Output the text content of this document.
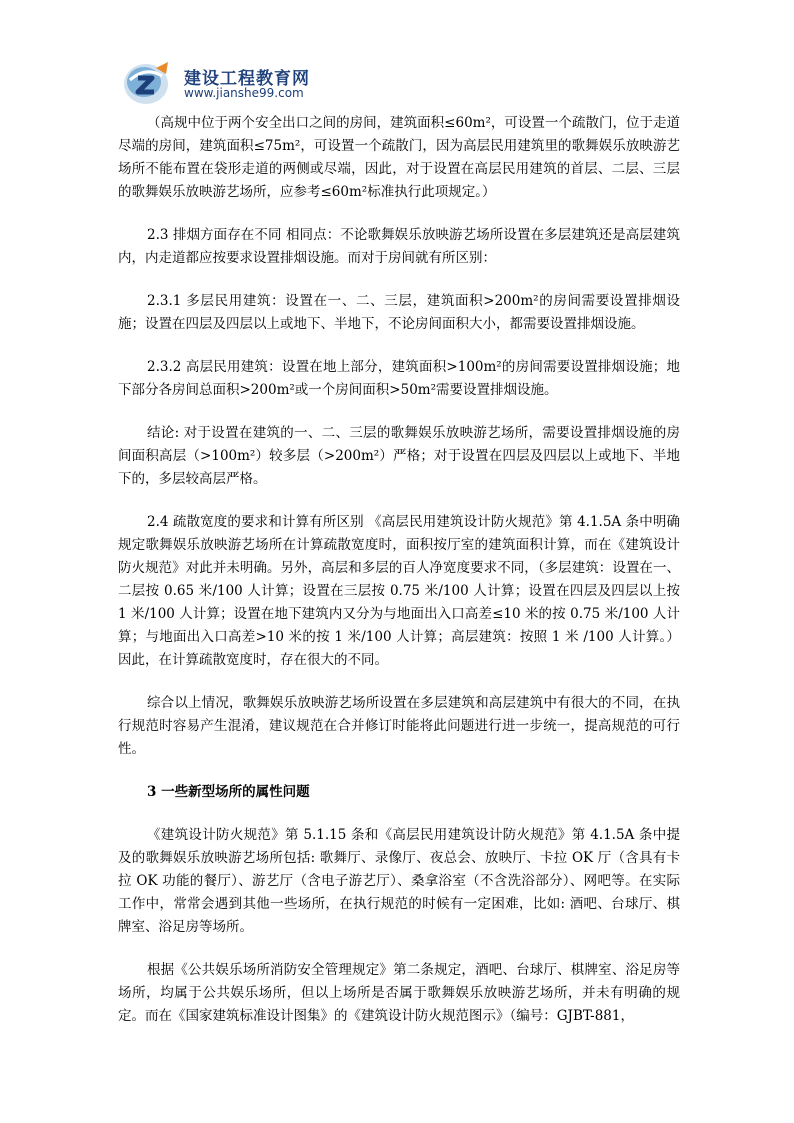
建设工程教育网
www.jianshe99.com

（高规中位于两个安全出口之间的房间，建筑面积≤60m²，可设置一个疏散门，位于走道尽端的房间，建筑面积≤75m²，可设置一个疏散门，因为高层民用建筑里的歌舞娱乐放映游艺场所不能布置在袋形走道的两侧或尽端，因此，对于设置在高层民用建筑的首层、二层、三层的歌舞娱乐放映游艺场所，应参考≤60m²标准执行此项规定。）

2.3 排烟方面存在不同 相同点：不论歌舞娱乐放映游艺场所设置在多层建筑还是高层建筑内，内走道都应按要求设置排烟设施。而对于房间就有所区别：

2.3.1 多层民用建筑：设置在一、二、三层，建筑面积>200m²的房间需要设置排烟设施；设置在四层及四层以上或地下、半地下，不论房间面积大小，都需要设置排烟设施。

2.3.2 高层民用建筑：设置在地上部分，建筑面积>100m²的房间需要设置排烟设施；地下部分各房间总面积>200m²或一个房间面积>50m²需要设置排烟设施。

结论: 对于设置在建筑的一、二、三层的歌舞娱乐放映游艺场所，需要设置排烟设施的房间面积高层（>100m²）较多层（>200m²）严格；对于设置在四层及四层以上或地下、半地下的，多层较高层严格。

2.4 疏散宽度的要求和计算有所区别 《高层民用建筑设计防火规范》第 4.1.5A 条中明确规定歌舞娱乐放映游艺场所在计算疏散宽度时，面积按厅室的建筑面积计算，而在《建筑设计防火规范》对此并未明确。另外，高层和多层的百人净宽度要求不同，（多层建筑：设置在一、二层按 0.65 米/100 人计算；设置在三层按 0.75 米/100 人计算；设置在四层及四层以上按 1 米/100 人计算；设置在地下建筑内又分为与地面出入口高差≤10 米的按 0.75 米/100 人计算；与地面出入口高差>10 米的按 1 米/100 人计算；高层建筑：按照 1 米 /100 人计算。）因此，在计算疏散宽度时，存在很大的不同。

综合以上情况，歌舞娱乐放映游艺场所设置在多层建筑和高层建筑中有很大的不同，在执行规范时容易产生混淆，建议规范在合并修订时能将此问题进行进一步统一，提高规范的可行性。

3 一些新型场所的属性问题

《建筑设计防火规范》第 5.1.15 条和《高层民用建筑设计防火规范》第 4.1.5A 条中提及的歌舞娱乐放映游艺场所包括: 歌舞厅、录像厅、夜总会、放映厅、卡拉 OK 厅（含具有卡拉 OK 功能的餐厅）、游艺厅（含电子游艺厅）、桑拿浴室（不含洗浴部分）、网吧等。在实际工作中，常常会遇到其他一些场所，在执行规范的时候有一定困难，比如: 酒吧、台球厅、棋牌室、浴足房等场所。

根据《公共娱乐场所消防安全管理规定》第二条规定，酒吧、台球厅、棋牌室、浴足房等场所，均属于公共娱乐场所，但以上场所是否属于歌舞娱乐放映游艺场所，并未有明确的规定。而在《国家建筑标准设计图集》的《建筑设计防火规范图示》（编号：GJBT-881，
